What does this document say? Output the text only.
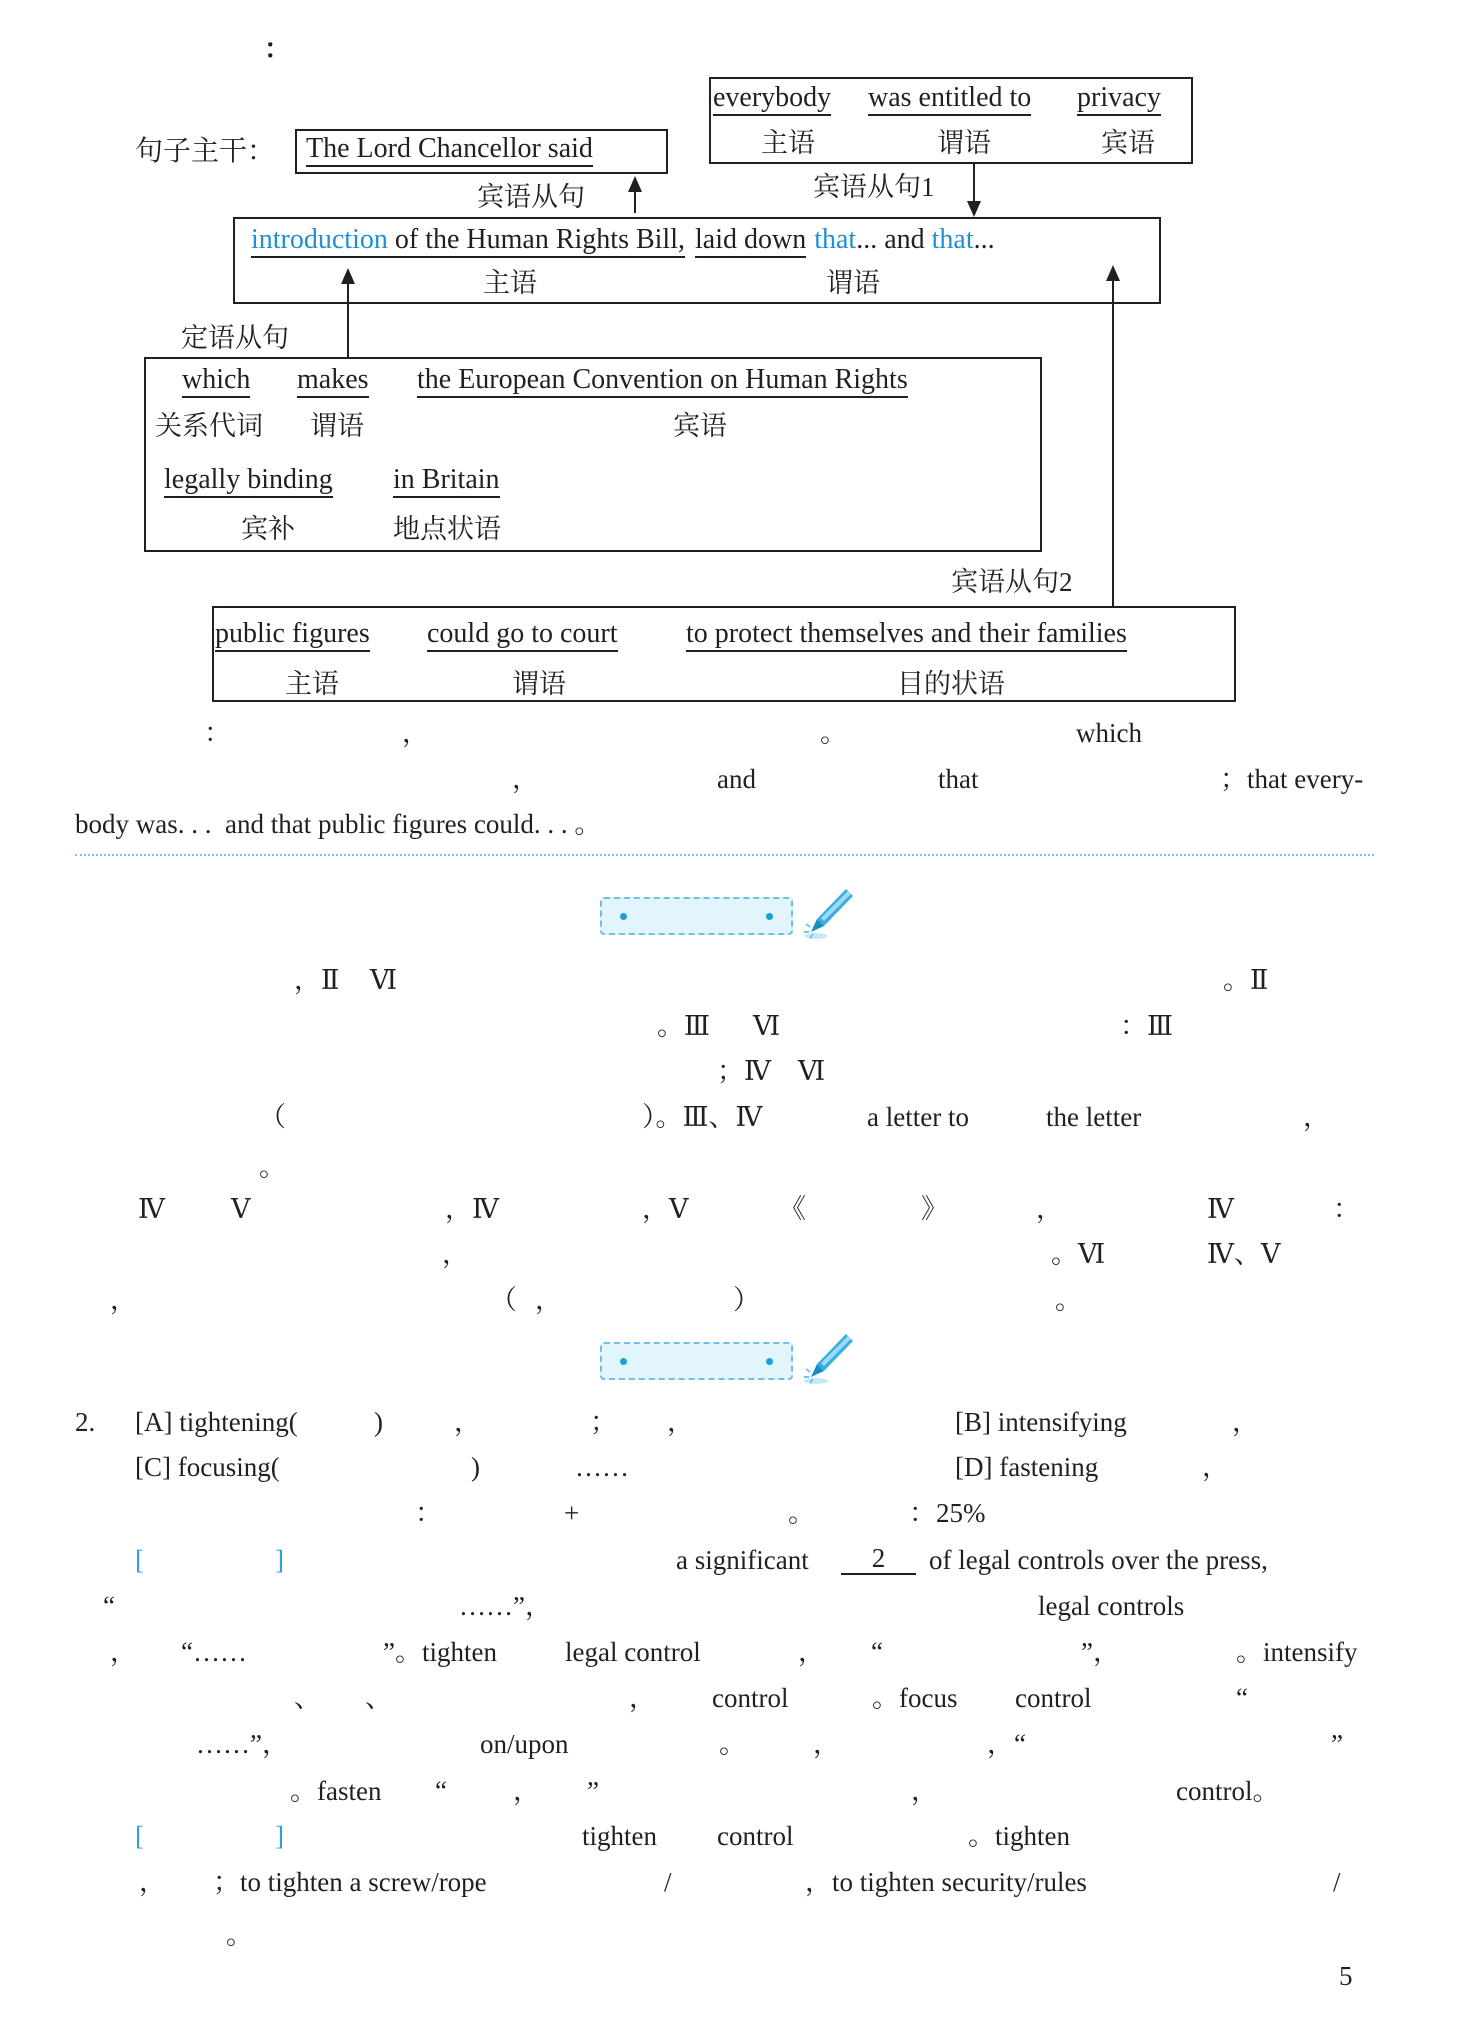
：
句子主干： The Lord Chancellor said
宾语从句
everybody was entitled to privacy
主语	谓语	宾语
宾语从句1
introduction of the Human Rights Bill, laid down that... and that...
主语	谓语
定语从句
which makes the European Convention on Human Rights
关系代词 谓语	宾语
legally binding in Britain
宾补	地点状语
宾语从句2
public figures could go to court to protect themselves and their families
主语	谓语	目的状语
：	，	。	which
，	and	that	；that every-
body was. . .  and that public figures could. . . 。
，Ⅱ Ⅵ	。Ⅱ
。Ⅲ Ⅵ	：Ⅲ
；Ⅳ Ⅵ
（	）。Ⅲ、Ⅳ	a letter to	the letter	，
。
Ⅳ Ⅴ	，Ⅳ	，Ⅴ	《	》	，	Ⅳ	：
，	。Ⅵ	Ⅳ、Ⅴ
，	（ ，	）	。
2. [A] tightening(	)	，	； ，	[B] intensifying	，
[C] focusing(	)	……	[D] fastening	，
：	+	。	：25%
[	]	a significant	2	of legal controls over the press,
“	……”，	legal controls
， “……	”。tighten	legal control	， “	”，	。intensify
、 、	， control	。focus control	“
……”，	on/upon	。 ，	，“	”
。fasten “ ， ”	，	control。
[	]	tighten control	。tighten
， ；to tighten a screw/rope	/	，to tighten security/rules	/
。
5
